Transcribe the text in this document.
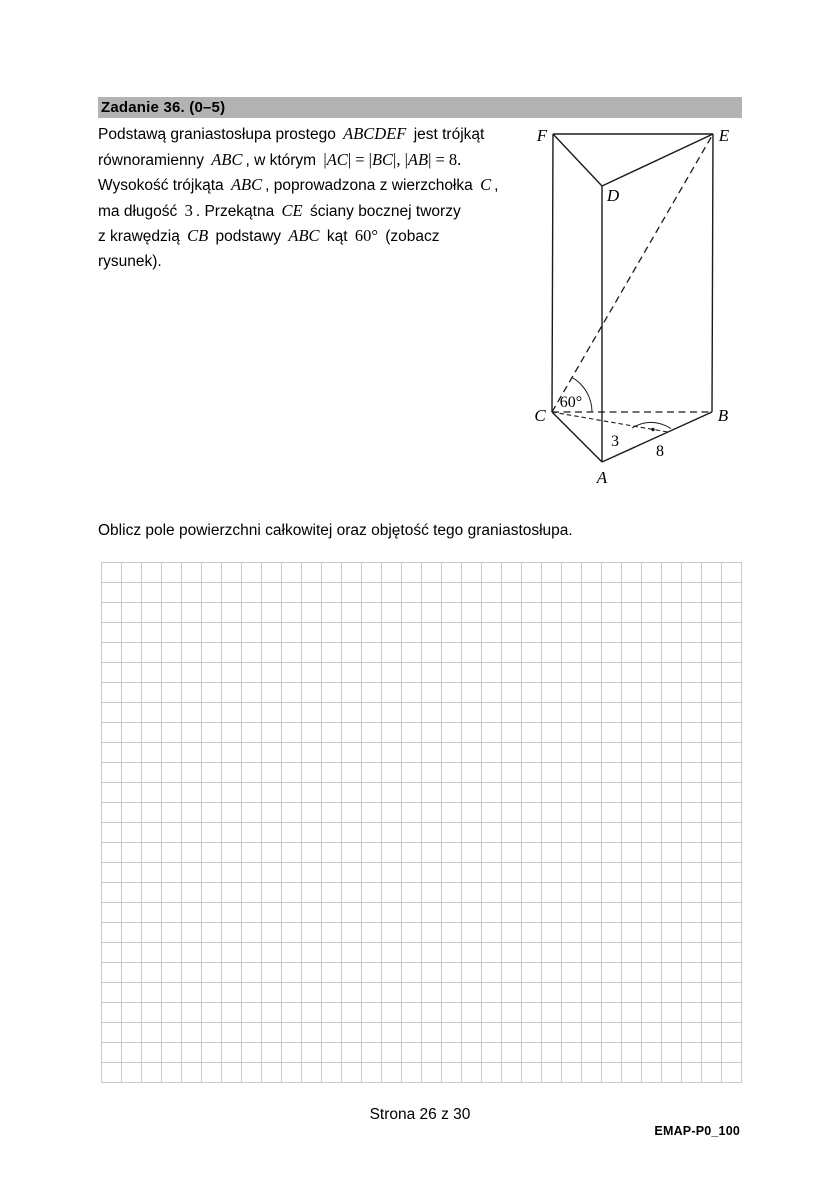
Zadanie 36. (0–5)
Podstawą graniastosłupa prostego ABCDEF jest trójkąt
równoramienny ABC , w którym |AC| = |BC|, |AB| = 8.
Wysokość trójkąta ABC , poprowadzona z wierzchołka C ,
ma długość 3 . Przekątna CE ściany bocznej tworzy
z krawędzią CB podstawy ABC kąt 60° (zobacz
rysunek).
F	E
D
C	B
A
60°
3
8
Oblicz pole powierzchni całkowitej oraz objętość tego graniastosłupa.
Strona 26 z 30
EMAP-P0_100
